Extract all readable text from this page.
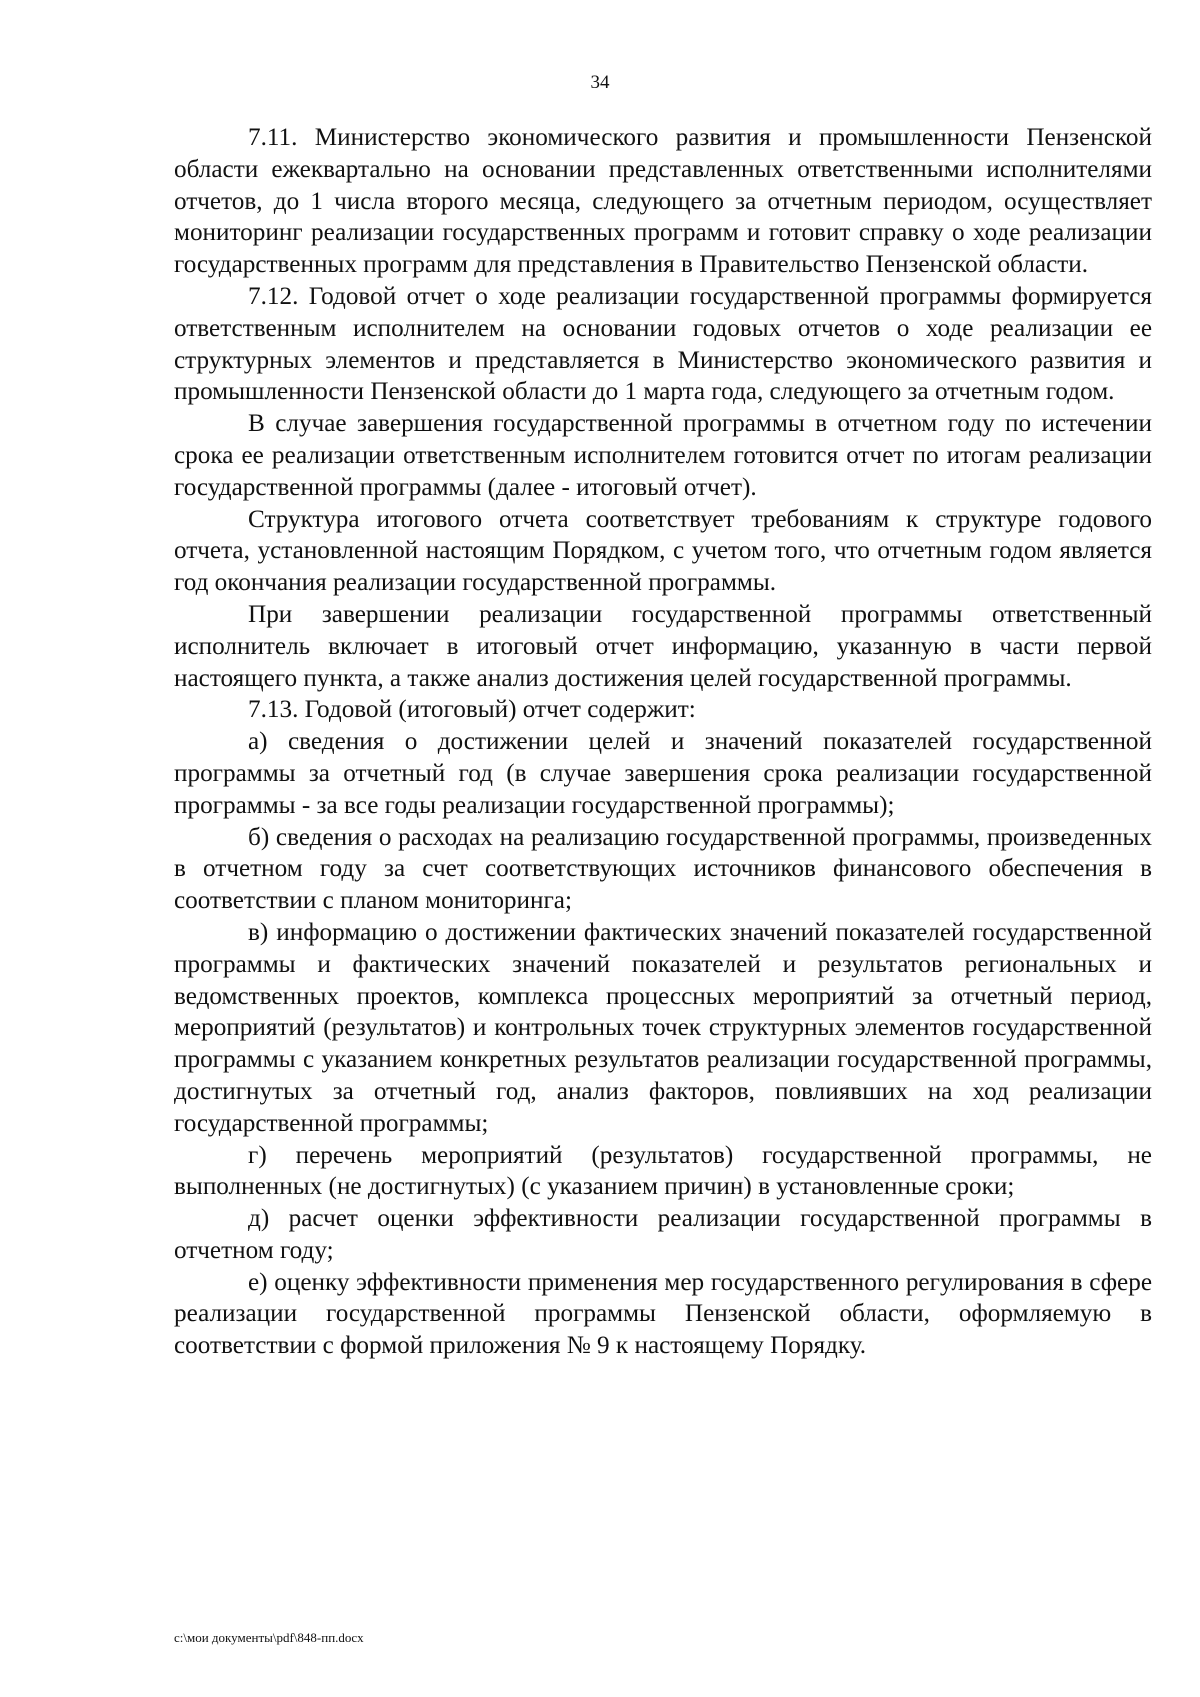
34

7.11. Министерство экономического развития и промышленности Пензенской области ежеквартально на основании представленных ответственными исполнителями отчетов, до 1 числа второго месяца, следующего за отчетным периодом, осуществляет мониторинг реализации государственных программ и готовит справку о ходе реализации государственных программ для представления в Правительство Пензенской области.

7.12. Годовой отчет о ходе реализации государственной программы формируется ответственным исполнителем на основании годовых отчетов о ходе реализации ее структурных элементов и представляется в Министерство экономического развития и промышленности Пензенской области до 1 марта года, следующего за отчетным годом.

В случае завершения государственной программы в отчетном году по истечении срока ее реализации ответственным исполнителем готовится отчет по итогам реализации государственной программы (далее - итоговый отчет).

Структура итогового отчета соответствует требованиям к структуре годового отчета, установленной настоящим Порядком, с учетом того, что отчетным годом является год окончания реализации государственной программы.

При завершении реализации государственной программы ответственный исполнитель включает в итоговый отчет информацию, указанную в части первой настоящего пункта, а также анализ достижения целей государственной программы.

7.13. Годовой (итоговый) отчет содержит:

а) сведения о достижении целей и значений показателей государственной программы за отчетный год (в случае завершения срока реализации государственной программы - за все годы реализации государственной программы);

б) сведения о расходах на реализацию государственной программы, произведенных в отчетном году за счет соответствующих источников финансового обеспечения в соответствии с планом мониторинга;

в) информацию о достижении фактических значений показателей государственной программы и фактических значений показателей и результатов региональных и ведомственных проектов, комплекса процессных мероприятий за отчетный период, мероприятий (результатов) и контрольных точек структурных элементов государственной программы с указанием конкретных результатов реализации государственной программы, достигнутых за отчетный год, анализ факторов, повлиявших на ход реализации государственной программы;

г) перечень мероприятий (результатов) государственной программы, не выполненных (не достигнутых) (с указанием причин) в установленные сроки;

д) расчет оценки эффективности реализации государственной программы в отчетном году;

е) оценку эффективности применения мер государственного регулирования в сфере реализации государственной программы Пензенской области, оформляемую в соответствии с формой приложения № 9 к настоящему Порядку.

c:\мои документы\pdf\848-пп.docx
